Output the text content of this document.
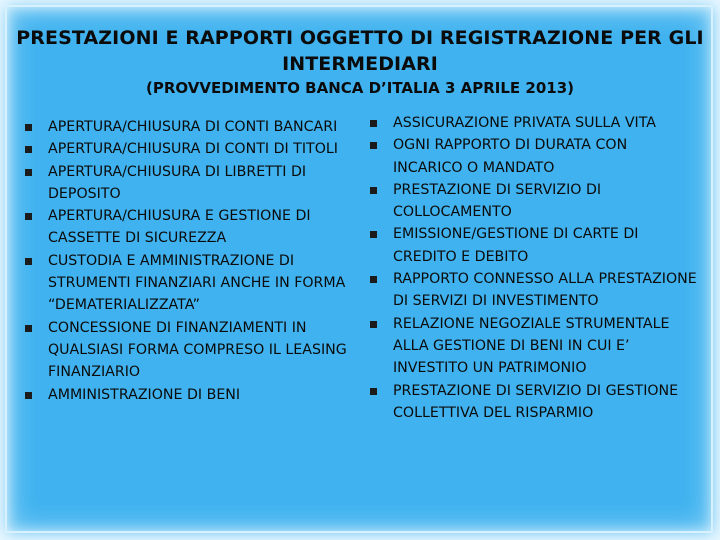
PRESTAZIONI E RAPPORTI OGGETTO DI REGISTRAZIONE PER GLI INTERMEDIARI
(PROVVEDIMENTO BANCA D’ITALIA 3 APRILE 2013)
APERTURA/CHIUSURA DI CONTI BANCARI
APERTURA/CHIUSURA DI CONTI DI TITOLI
APERTURA/CHIUSURA DI LIBRETTI DI DEPOSITO
APERTURA/CHIUSURA E GESTIONE DI CASSETTE DI SICUREZZA
CUSTODIA E AMMINISTRAZIONE DI STRUMENTI FINANZIARI ANCHE IN FORMA “DEMATERIALIZZATA”
CONCESSIONE DI FINANZIAMENTI IN QUALSIASI FORMA COMPRESO IL LEASING FINANZIARIO
AMMINISTRAZIONE DI BENI
ASSICURAZIONE PRIVATA SULLA VITA
OGNI RAPPORTO DI DURATA CON INCARICO O MANDATO
PRESTAZIONE DI SERVIZIO DI COLLOCAMENTO
EMISSIONE/GESTIONE DI CARTE DI CREDITO E DEBITO
RAPPORTO CONNESSO ALLA PRESTAZIONE DI SERVIZI DI INVESTIMENTO
RELAZIONE NEGOZIALE STRUMENTALE ALLA GESTIONE DI BENI IN CUI E’ INVESTITO UN PATRIMONIO
PRESTAZIONE DI SERVIZIO DI GESTIONE COLLETTIVA DEL RISPARMIO
